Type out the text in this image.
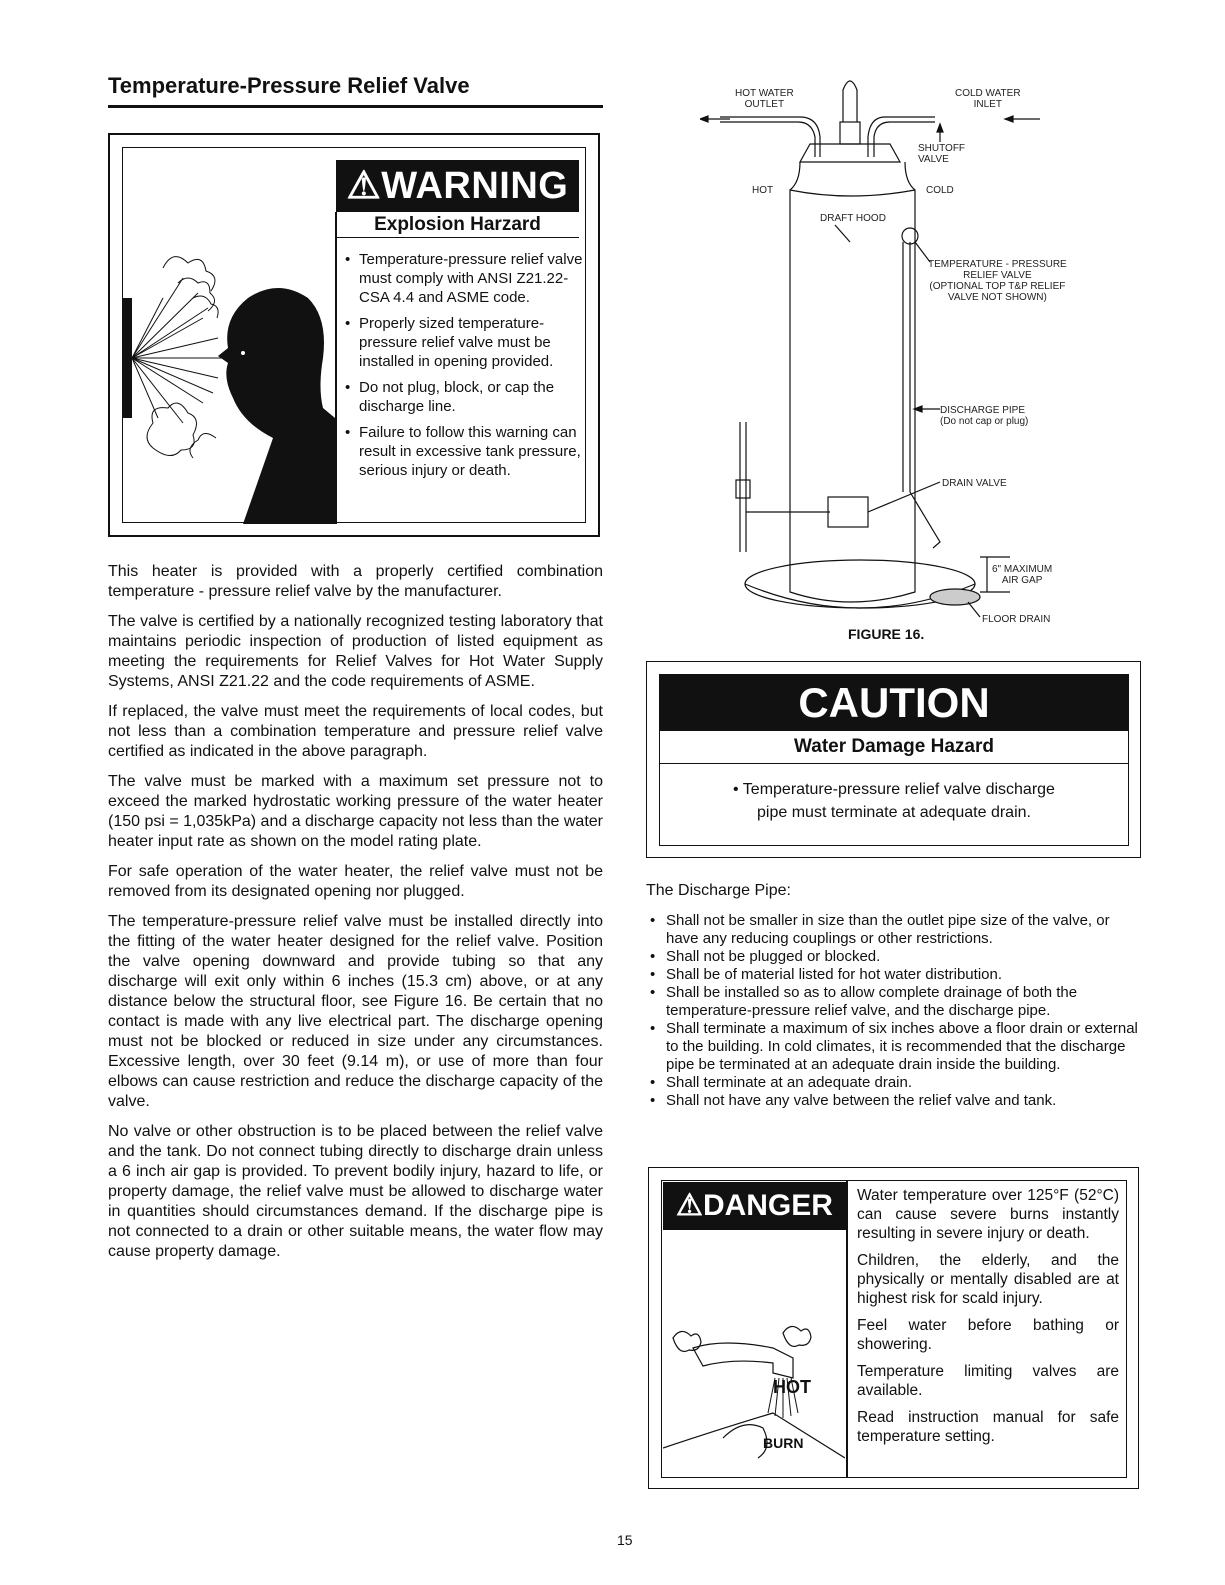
Temperature-Pressure Relief Valve
⚠WARNING
Explosion Harzard
• Temperature-pressure relief valve must comply with ANSI Z21.22-CSA 4.4 and ASME code.
• Properly sized temperature-pressure relief valve must be installed in opening provided.
• Do not plug, block, or cap the discharge line.
• Failure to follow this warning can result in excessive tank pressure, serious injury or death.

This heater is provided with a properly certified combination temperature - pressure relief valve by the manufacturer.

The valve is certified by a nationally recognized testing laboratory that maintains periodic inspection of production of listed equipment as meeting the requirements for Relief Valves for Hot Water Supply Systems, ANSI Z21.22 and the code requirements of ASME.

If replaced, the valve must meet the requirements of local codes, but not less than a combination temperature and pressure relief valve certified as indicated in the above paragraph.

The valve must be marked with a maximum set pressure not to exceed the marked hydrostatic working pressure of the water heater (150 psi = 1,035kPa) and a discharge capacity not less than the water heater input rate as shown on the model rating plate.

For safe operation of the water heater, the relief valve must not be removed from its designated opening nor plugged.

The temperature-pressure relief valve must be installed directly into the fitting of the water heater designed for the relief valve. Position the valve opening downward and provide tubing so that any discharge will exit only within 6 inches (15.3 cm) above, or at any distance below the structural floor, see Figure 16. Be certain that no contact is made with any live electrical part. The discharge opening must not be blocked or reduced in size under any circumstances. Excessive length, over 30 feet (9.14 m), or use of more than four elbows can cause restriction and reduce the discharge capacity of the valve.

No valve or other obstruction is to be placed between the relief valve and the tank. Do not connect tubing directly to discharge drain unless a 6 inch air gap is provided. To prevent bodily injury, hazard to life, or property damage, the relief valve must be allowed to discharge water in quantities should circumstances demand. If the discharge pipe is not connected to a drain or other suitable means, the water flow may cause property damage.

HOT WATER
OUTLET
COLD WATER
INLET
SHUTOFF
VALVE
HOT	COLD
DRAFT HOOD
TEMPERATURE - PRESSURE
RELIEF VALVE
(OPTIONAL TOP T&P RELIEF
VALVE NOT SHOWN)
DISCHARGE PIPE
(Do not cap or plug)
DRAIN VALVE
6" MAXIMUM
AIR GAP
FLOOR DRAIN
FIGURE 16.
CAUTION
Water Damage Hazard
• Temperature-pressure relief valve discharge
pipe must terminate at adequate drain.
The Discharge Pipe:
• Shall not be smaller in size than the outlet pipe size of the valve, or have any reducing couplings or other restrictions.
• Shall not be plugged or blocked.
• Shall be of material listed for hot water distribution.
• Shall be installed so as to allow complete drainage of both the temperature-pressure relief valve, and the discharge pipe.
• Shall terminate a maximum of six inches above a floor drain or external to the building. In cold climates, it is recommended that the discharge pipe be terminated at an adequate drain inside the building.
• Shall terminate at an adequate drain.
• Shall not have any valve between the relief valve and tank.
⚠DANGER	Water temperature over 125°F (52°C) can cause severe burns instantly resulting in severe injury or death.

Children, the elderly, and the physically or mentally disabled are at highest risk for scald injury.

Feel water before bathing or showering.

Temperature limiting valves are available.

Read instruction manual for safe temperature setting.

HOT
BURN
15
